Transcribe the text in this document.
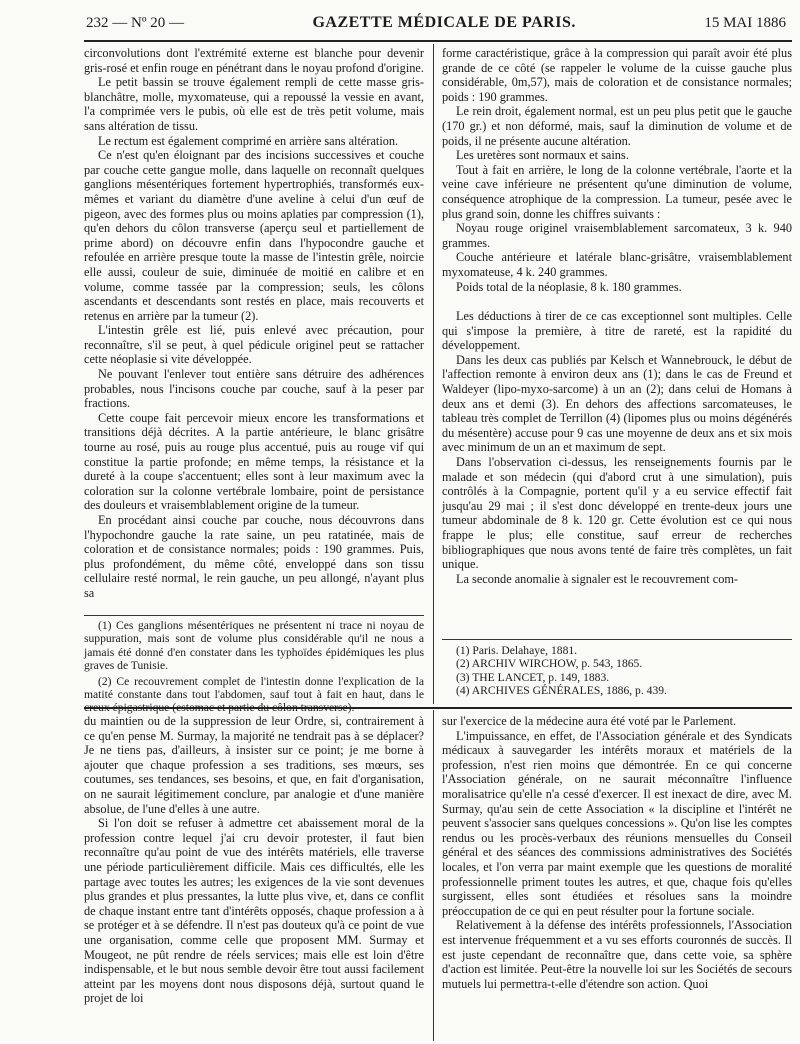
232 — Nº 20 —	GAZETTE MÉDICALE DE PARIS.	15 MAI 1886

circonvolutions dont l'extrémité externe est blanche pour devenir gris-rosé et enfin rouge en pénétrant dans le noyau profond d'origine.

Le petit bassin se trouve également rempli de cette masse gris-blanchâtre, molle, myxomateuse, qui a repoussé la vessie en avant, l'a comprimée vers le pubis, où elle est de très petit volume, mais sans altération de tissu.

Le rectum est également comprimé en arrière sans altération.

Ce n'est qu'en éloignant par des incisions successives et couche par couche cette gangue molle, dans laquelle on reconnaît quelques ganglions mésentériques fortement hypertrophiés, transformés eux-mêmes et variant du diamètre d'une aveline à celui d'un œuf de pigeon, avec des formes plus ou moins aplaties par compression (1), qu'en dehors du côlon transverse (aperçu seul et partiellement de prime abord) on découvre enfin dans l'hypocondre gauche et refoulée en arrière presque toute la masse de l'intestin grêle, noircie elle aussi, couleur de suie, diminuée de moitié en calibre et en volume, comme tassée par la compression; seuls, les côlons ascendants et descendants sont restés en place, mais recouverts et retenus en arrière par la tumeur (2).

L'intestin grêle est lié, puis enlevé avec précaution, pour reconnaître, s'il se peut, à quel pédicule originel peut se rattacher cette néoplasie si vite développée.

Ne pouvant l'enlever tout entière sans détruire des adhérences probables, nous l'incisons couche par couche, sauf à la peser par fractions.

Cette coupe fait percevoir mieux encore les transformations et transitions déjà décrites. A la partie antérieure, le blanc grisâtre tourne au rosé, puis au rouge plus accentué, puis au rouge vif qui constitue la partie profonde; en même temps, la résistance et la dureté à la coupe s'accentuent; elles sont à leur maximum avec la coloration sur la colonne vertébrale lombaire, point de persistance des douleurs et vraisemblablement origine de la tumeur.

En procédant ainsi couche par couche, nous découvrons dans l'hypochondre gauche la rate saine, un peu ratatinée, mais de coloration et de consistance normales; poids : 190 grammes. Puis, plus profondément, du même côté, enveloppé dans son tissu cellulaire resté normal, le rein gauche, un peu allongé, n'ayant plus sa

forme caractéristique, grâce à la compression qui paraît avoir été plus grande de ce côté (se rappeler le volume de la cuisse gauche plus considérable, 0m,57), mais de coloration et de consistance normales; poids : 190 grammes.

Le rein droit, également normal, est un peu plus petit que le gauche (170 gr.) et non déformé, mais, sauf la diminution de volume et de poids, il ne présente aucune altération.

Les uretères sont normaux et sains.

Tout à fait en arrière, le long de la colonne vertébrale, l'aorte et la veine cave inférieure ne présentent qu'une diminution de volume, conséquence atrophique de la compression. La tumeur, pesée avec le plus grand soin, donne les chiffres suivants :

Noyau rouge originel vraisemblablement sarcomateux, 3 k. 940 grammes.

Couche antérieure et latérale blanc-grisâtre, vraisemblablement myxomateuse, 4 k. 240 grammes.

Poids total de la néoplasie, 8 k. 180 grammes.

Les déductions à tirer de ce cas exceptionnel sont multiples. Celle qui s'impose la première, à titre de rareté, est la rapidité du développement.

Dans les deux cas publiés par Kelsch et Wannebrouck, le début de l'affection remonte à environ deux ans (1); dans le cas de Freund et Waldeyer (lipo-myxo-sarcome) à un an (2); dans celui de Homans à deux ans et demi (3). En dehors des affections sarcomateuses, le tableau très complet de Terrillon (4) (lipomes plus ou moins dégénérés du mésentère) accuse pour 9 cas une moyenne de deux ans et six mois avec minimum de un an et maximum de sept.

Dans l'observation ci-dessus, les renseignements fournis par le malade et son médecin (qui d'abord crut à une simulation), puis contrôlés à la Compagnie, portent qu'il y a eu service effectif fait jusqu'au 29 mai ; il s'est donc développé en trente-deux jours une tumeur abdominale de 8 k. 120 gr. Cette évolution est ce qui nous frappe le plus; elle constitue, sauf erreur de recherches bibliographiques que nous avons tenté de faire très complètes, un fait unique.

La seconde anomalie à signaler est le recouvrement com-

(1) Ces ganglions mésentériques ne présentent ni trace ni noyau de suppuration, mais sont de volume plus considérable qu'il ne nous a jamais été donné d'en constater dans les typhoïdes épidémiques les plus graves de Tunisie.

(2) Ce recouvrement complet de l'intestin donne l'explication de la matité constante dans tout l'abdomen, sauf tout à fait en haut, dans le creux épigastrique (estomac et partie du côlon transverse).

(1) Paris. Delahaye, 1881.

(2) ARCHIV WIRCHOW, p. 543, 1865.

(3) THE LANCET, p. 149, 1883.

(4) ARCHIVES GÉNÉRALES, 1886, p. 439.

du maintien ou de la suppression de leur Ordre, si, contrairement à ce qu'en pense M. Surmay, la majorité ne tendrait pas à se déplacer? Je ne tiens pas, d'ailleurs, à insister sur ce point; je me borne à ajouter que chaque profession a ses traditions, ses mœurs, ses coutumes, ses tendances, ses besoins, et que, en fait d'organisation, on ne saurait légitimement conclure, par analogie et d'une manière absolue, de l'une d'elles à une autre.

Si l'on doit se refuser à admettre cet abaissement moral de la profession contre lequel j'ai cru devoir protester, il faut bien reconnaître qu'au point de vue des intérêts matériels, elle traverse une période particulièrement difficile. Mais ces difficultés, elle les partage avec toutes les autres; les exigences de la vie sont devenues plus grandes et plus pressantes, la lutte plus vive, et, dans ce conflit de chaque instant entre tant d'intérêts opposés, chaque profession a à se protéger et à se défendre. Il n'est pas douteux qu'à ce point de vue une organisation, comme celle que proposent MM. Surmay et Mougeot, ne pût rendre de réels services; mais elle est loin d'être indispensable, et le but nous semble devoir être tout aussi facilement atteint par les moyens dont nous disposons déjà, surtout quand le projet de loi

sur l'exercice de la médecine aura été voté par le Parlement.

L'impuissance, en effet, de l'Association générale et des Syndicats médicaux à sauvegarder les intérêts moraux et matériels de la profession, n'est rien moins que démontrée. En ce qui concerne l'Association générale, on ne saurait méconnaître l'influence moralisatrice qu'elle n'a cessé d'exercer. Il est inexact de dire, avec M. Surmay, qu'au sein de cette Association « la discipline et l'intérêt ne peuvent s'associer sans quelques concessions ». Qu'on lise les comptes rendus ou les procès-verbaux des réunions mensuelles du Conseil général et des séances des commissions administratives des Sociétés locales, et l'on verra par maint exemple que les questions de moralité professionnelle priment toutes les autres, et que, chaque fois qu'elles surgissent, elles sont étudiées et résolues sans la moindre préoccupation de ce qui en peut résulter pour la fortune sociale.

Relativement à la défense des intérêts professionnels, l'Association est intervenue fréquemment et a vu ses efforts couronnés de succès. Il est juste cependant de reconnaître que, dans cette voie, sa sphère d'action est limitée. Peut-être la nouvelle loi sur les Sociétés de secours mutuels lui permettra-t-elle d'étendre son action. Quoi
